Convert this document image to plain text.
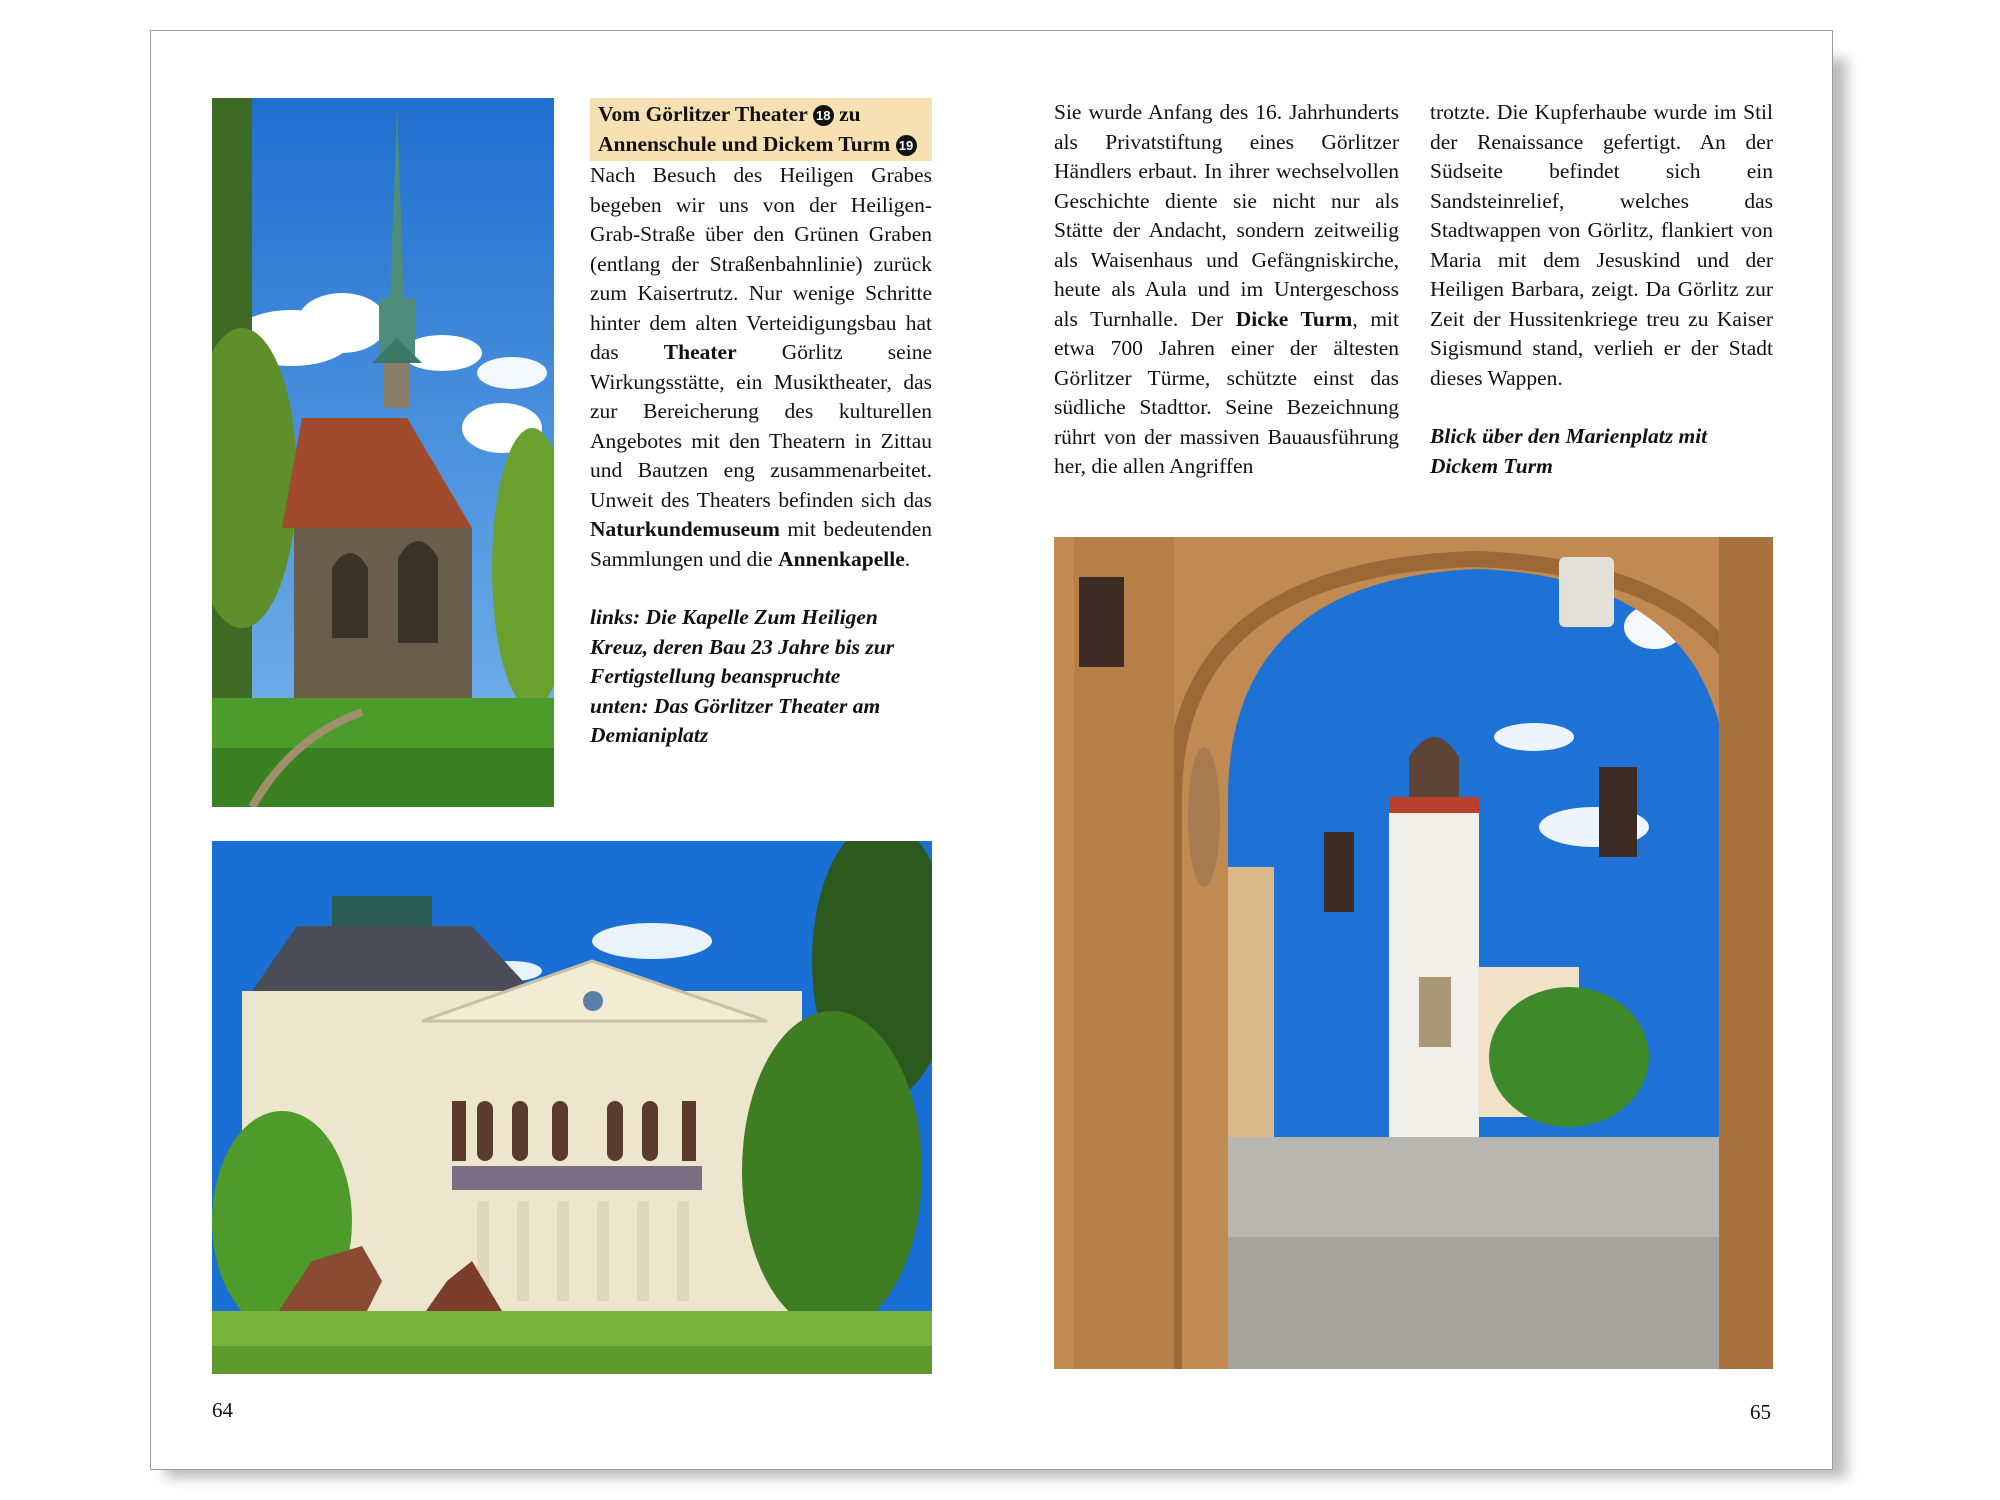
Vom Görlitzer Theater 18 zu
Annenschule und Dickem Turm 19

Nach Besuch des Heiligen Grabes begeben wir uns von der Heiligen-Grab-Straße über den Grünen Graben (entlang der Straßenbahnlinie) zurück zum Kaisertrutz. Nur wenige Schritte hinter dem alten Verteidigungsbau hat das Theater Görlitz seine Wirkungsstätte, ein Musiktheater, das zur Bereicherung des kulturellen Angebotes mit den Theatern in Zittau und Bautzen eng zusammenarbeitet. Unweit des Theaters befinden sich das Naturkundemuseum mit bedeutenden Sammlungen und die Annenkapelle.

links: Die Kapelle Zum Heiligen Kreuz, deren Bau 23 Jahre bis zur Fertigstellung beanspruchte

unten: Das Görlitzer Theater am Demianiplatz

Sie wurde Anfang des 16. Jahrhunderts als Privatstiftung eines Görlitzer Händlers erbaut. In ihrer wechselvollen Geschichte diente sie nicht nur als Stätte der Andacht, sondern zeitweilig als Waisenhaus und Gefängniskirche, heute als Aula und im Untergeschoss als Turnhalle. Der Dicke Turm, mit etwa 700 Jahren einer der ältesten Görlitzer Türme, schützte einst das südliche Stadttor. Seine Bezeichnung rührt von der massiven Bauausführung her, die allen Angriffen

trotzte. Die Kupferhaube wurde im Stil der Renaissance gefertigt. An der Südseite befindet sich ein Sandsteinrelief, welches das Stadtwappen von Görlitz, flankiert von Maria mit dem Jesuskind und der Heiligen Barbara, zeigt. Da Görlitz zur Zeit der Hussitenkriege treu zu Kaiser Sigismund stand, verlieh er der Stadt dieses Wappen.

Blick über den Marienplatz mit Dickem Turm

64	65
